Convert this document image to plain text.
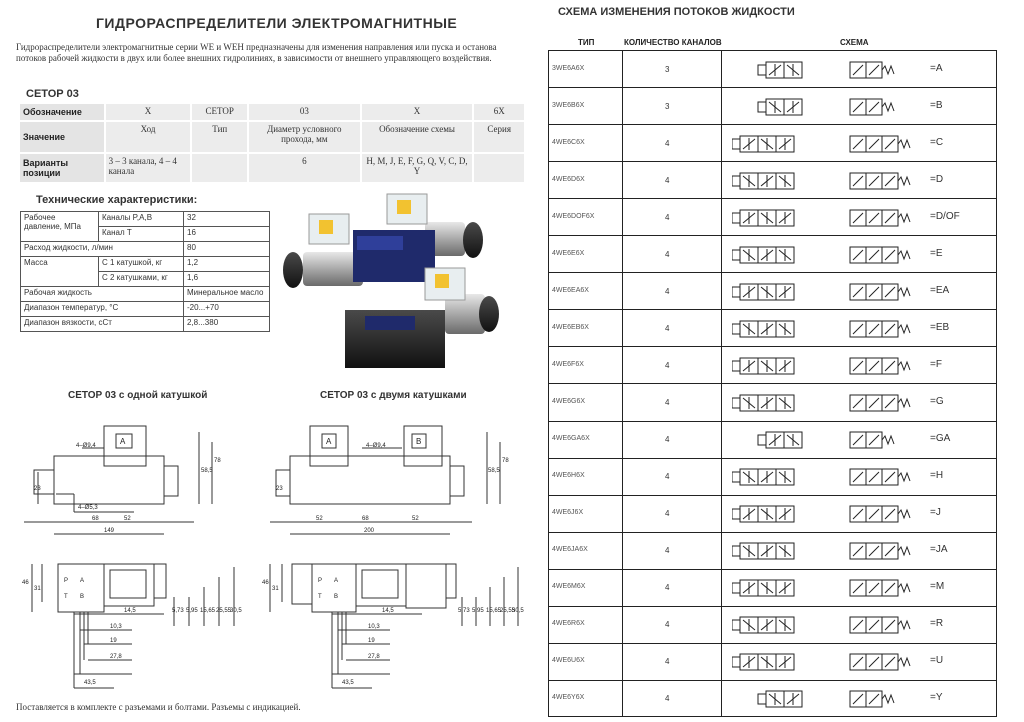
ГИДРОРАСПРЕДЕЛИТЕЛИ ЭЛЕКТРОМАГНИТНЫЕ
Гидрораспределители электромагнитные серии WE и WEH предназначены для изменения направления или пуска и останова потоков рабочей жидкости в двух или более внешних гидролиниях, в зависимости от внешнего управляющего воздействия.
СЕТОР 03
Обозначение	X	СЕТОР	03	X	6X
Значение	Ход	Тип	Диаметр условного прохода, мм	Обозначение схемы	Серия
Варианты позиции	3 – 3 канала, 4 – 4 канала		6	H, M, J, E, F, G, Q, V, C, D, Y	
Технические характеристики:
Рабочее давление, МПа	Каналы P,A,B	32
	Канал T	16
Расход жидкости, л/мин		80
Масса	С 1 катушкой, кг	1,2
	С 2 катушками, кг	1,6
Рабочая жидкость		Минеральное масло
Диапазон температур, °C		-20...+70
Диапазон вязкости, сСт		2,8...380
СЕТОР 03 с одной катушкой	СЕТОР 03 с двумя катушками
A
4–Ø9,4
4–Ø5,3
68	52
149
23
78
58,5
31
14,5
10,3
19
27,8
43,5
5,73 5,95 15,65 25,55
30,5
46	P
T
A
B
A	B
4–Ø9,4
52	68	52
200
23
78
58,5
31
14,5
10,3
19
27,8
43,5
5,73 5,95 15,65
25,55
30,5
46	P
T
A
B
Поставляется в комплекте с разъемами и болтами. Разъемы с индикацией.
СХЕМА ИЗМЕНЕНИЯ ПОТОКОВ ЖИДКОСТИ
ТИП	КОЛИЧЕСТВО КАНАЛОВ	СХЕМА
3WE6A6X	3	=A
3WE6B6X	3	=B
4WE6C6X	4	=C
4WE6D6X	4	=D
4WE6DOF6X	4	=D/OF
4WE6E6X	4	=E
4WE6EA6X	4	=EA
4WE6EB6X	4	=EB
4WE6F6X	4	=F
4WE6G6X	4	=G
4WE6GA6X	4	=GA
4WE6H6X	4	=H
4WE6J6X	4	=J
4WE6JA6X	4	=JA
4WE6M6X	4	=M
4WE6R6X	4	=R
4WE6U6X	4	=U
4WE6Y6X	4	=Y
